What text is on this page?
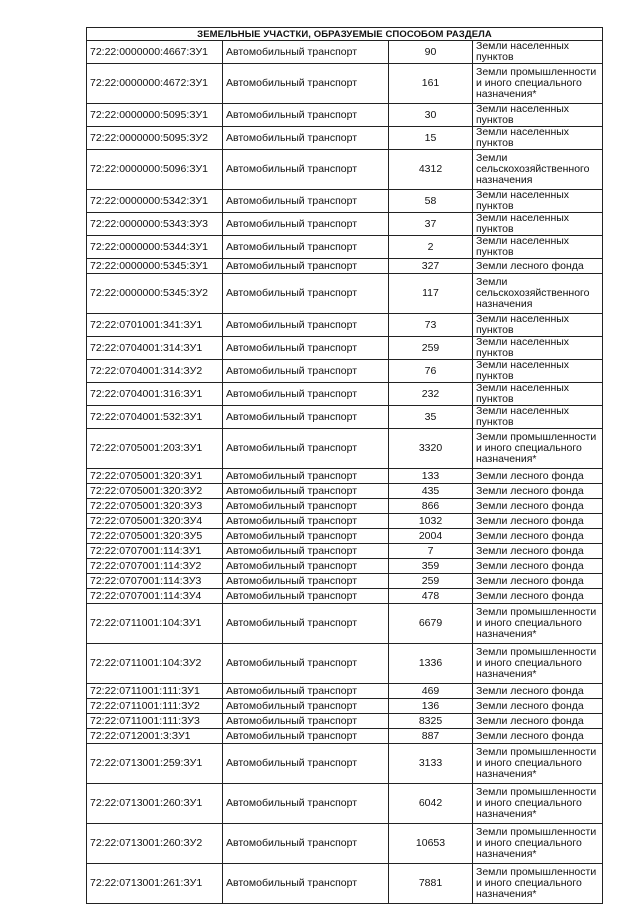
ЗЕМЕЛЬНЫЕ УЧАСТКИ, ОБРАЗУЕМЫЕ СПОСОБОМ РАЗДЕЛА			
72:22:0000000:4667:ЗУ1	Автомобильный транспорт	90	Земли населенных пунктов
72:22:0000000:4672:ЗУ1	Автомобильный транспорт	161	Земли промышленности и иного специального назначения*
72:22:0000000:5095:ЗУ1	Автомобильный транспорт	30	Земли населенных пунктов
72:22:0000000:5095:ЗУ2	Автомобильный транспорт	15	Земли населенных пунктов
72:22:0000000:5096:ЗУ1	Автомобильный транспорт	4312	Земли сельскохозяйственного назначения
72:22:0000000:5342:ЗУ1	Автомобильный транспорт	58	Земли населенных пунктов
72:22:0000000:5343:ЗУ3	Автомобильный транспорт	37	Земли населенных пунктов
72:22:0000000:5344:ЗУ1	Автомобильный транспорт	2	Земли населенных пунктов
72:22:0000000:5345:ЗУ1	Автомобильный транспорт	327	Земли лесного фонда
72:22:0000000:5345:ЗУ2	Автомобильный транспорт	117	Земли сельскохозяйственного назначения
72:22:0701001:341:ЗУ1	Автомобильный транспорт	73	Земли населенных пунктов
72:22:0704001:314:ЗУ1	Автомобильный транспорт	259	Земли населенных пунктов
72:22:0704001:314:ЗУ2	Автомобильный транспорт	76	Земли населенных пунктов
72:22:0704001:316:ЗУ1	Автомобильный транспорт	232	Земли населенных пунктов
72:22:0704001:532:ЗУ1	Автомобильный транспорт	35	Земли населенных пунктов
72:22:0705001:203:ЗУ1	Автомобильный транспорт	3320	Земли промышленности и иного специального назначения*
72:22:0705001:320:ЗУ1	Автомобильный транспорт	133	Земли лесного фонда
72:22:0705001:320:ЗУ2	Автомобильный транспорт	435	Земли лесного фонда
72:22:0705001:320:ЗУ3	Автомобильный транспорт	866	Земли лесного фонда
72:22:0705001:320:ЗУ4	Автомобильный транспорт	1032	Земли лесного фонда
72:22:0705001:320:ЗУ5	Автомобильный транспорт	2004	Земли лесного фонда
72:22:0707001:114:ЗУ1	Автомобильный транспорт	7	Земли лесного фонда
72:22:0707001:114:ЗУ2	Автомобильный транспорт	359	Земли лесного фонда
72:22:0707001:114:ЗУ3	Автомобильный транспорт	259	Земли лесного фонда
72:22:0707001:114:ЗУ4	Автомобильный транспорт	478	Земли лесного фонда
72:22:0711001:104:ЗУ1	Автомобильный транспорт	6679	Земли промышленности и иного специального назначения*
72:22:0711001:104:ЗУ2	Автомобильный транспорт	1336	Земли промышленности и иного специального назначения*
72:22:0711001:111:ЗУ1	Автомобильный транспорт	469	Земли лесного фонда
72:22:0711001:111:ЗУ2	Автомобильный транспорт	136	Земли лесного фонда
72:22:0711001:111:ЗУ3	Автомобильный транспорт	8325	Земли лесного фонда
72:22:0712001:3:ЗУ1	Автомобильный транспорт	887	Земли лесного фонда
72:22:0713001:259:ЗУ1	Автомобильный транспорт	3133	Земли промышленности и иного специального назначения*
72:22:0713001:260:ЗУ1	Автомобильный транспорт	6042	Земли промышленности и иного специального назначения*
72:22:0713001:260:ЗУ2	Автомобильный транспорт	10653	Земли промышленности и иного специального назначения*
72:22:0713001:261:ЗУ1	Автомобильный транспорт	7881	Земли промышленности и иного специального назначения*
